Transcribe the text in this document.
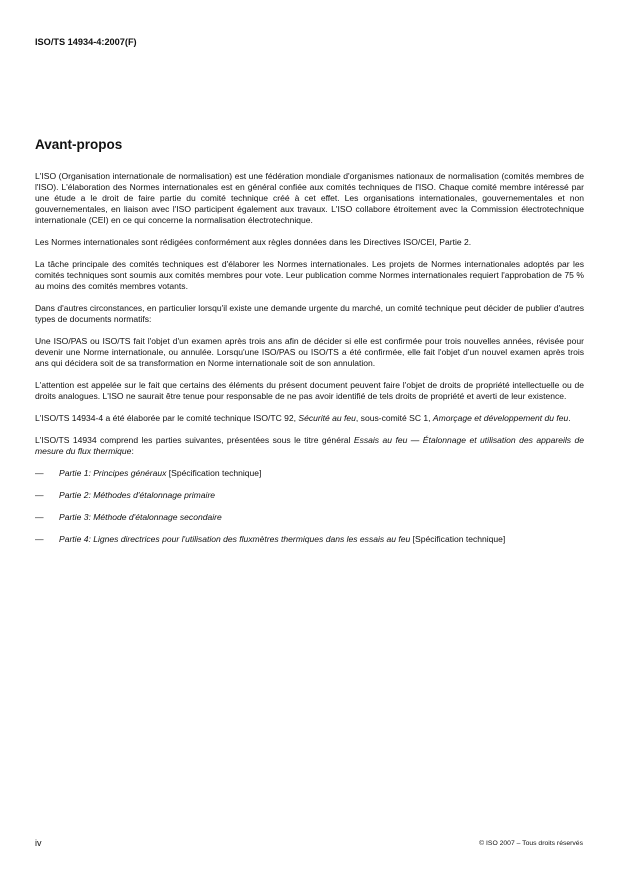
ISO/TS 14934-4:2007(F)
Avant-propos

L'ISO (Organisation internationale de normalisation) est une fédération mondiale d'organismes nationaux de normalisation (comités membres de l'ISO). L'élaboration des Normes internationales est en général confiée aux comités techniques de l'ISO. Chaque comité membre intéressé par une étude a le droit de faire partie du comité technique créé à cet effet. Les organisations internationales, gouvernementales et non gouvernementales, en liaison avec l'ISO participent également aux travaux. L'ISO collabore étroitement avec la Commission électrotechnique internationale (CEI) en ce qui concerne la normalisation électrotechnique.

Les Normes internationales sont rédigées conformément aux règles données dans les Directives ISO/CEI, Partie 2.

La tâche principale des comités techniques est d'élaborer les Normes internationales. Les projets de Normes internationales adoptés par les comités techniques sont soumis aux comités membres pour vote. Leur publication comme Normes internationales requiert l'approbation de 75 % au moins des comités membres votants.

Dans d'autres circonstances, en particulier lorsqu'il existe une demande urgente du marché, un comité technique peut décider de publier d'autres types de documents normatifs:

Une ISO/PAS ou ISO/TS fait l'objet d'un examen après trois ans afin de décider si elle est confirmée pour trois nouvelles années, révisée pour devenir une Norme internationale, ou annulée. Lorsqu'une ISO/PAS ou ISO/TS a été confirmée, elle fait l'objet d'un nouvel examen après trois ans qui décidera soit de sa transformation en Norme internationale soit de son annulation.

L'attention est appelée sur le fait que certains des éléments du présent document peuvent faire l'objet de droits de propriété intellectuelle ou de droits analogues. L'ISO ne saurait être tenue pour responsable de ne pas avoir identifié de tels droits de propriété et averti de leur existence.

L'ISO/TS 14934-4 a été élaborée par le comité technique ISO/TC 92, Sécurité au feu, sous-comité SC 1, Amorçage et développement du feu.

L'ISO/TS 14934 comprend les parties suivantes, présentées sous le titre général Essais au feu — Étalonnage et utilisation des appareils de mesure du flux thermique:

—	Partie 1: Principes généraux [Spécification technique]
—	Partie 2: Méthodes d'étalonnage primaire
—	Partie 3: Méthode d'étalonnage secondaire
—	Partie 4: Lignes directrices pour l'utilisation des fluxmètres thermiques dans les essais au feu [Spécification technique]
iv	© ISO 2007 – Tous droits réservés
